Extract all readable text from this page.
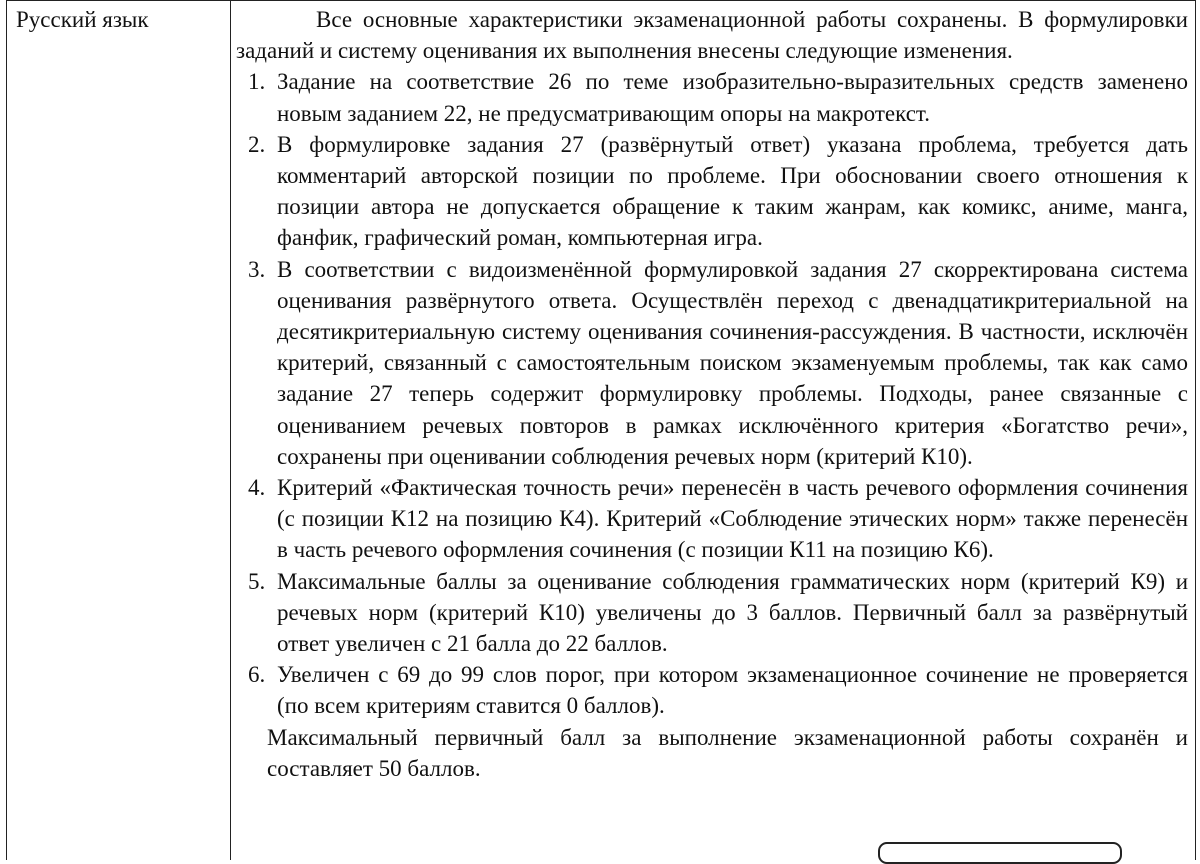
Русский язык	Все основные характеристики экзаменационной работы сохранены. В формулировки заданий и систему оценивания их выполнения внесены следующие изменения.

1. Задание на соответствие 26 по теме изобразительно-выразительных средств заменено новым заданием 22, не предусматривающим опоры на макротекст.
2. В формулировке задания 27 (развёрнутый ответ) указана проблема, требуется дать комментарий авторской позиции по проблеме. При обосновании своего отношения к позиции автора не допускается обращение к таким жанрам, как комикс, аниме, манга, фанфик, графический роман, компьютерная игра.
3. В соответствии с видоизменённой формулировкой задания 27 скорректирована система оценивания развёрнутого ответа. Осуществлён переход с двенадцатикритериальной на десятикритериальную систему оценивания сочинения-рассуждения. В частности, исключён критерий, связанный с самостоятельным поиском экзаменуемым проблемы, так как само задание 27 теперь содержит формулировку проблемы. Подходы, ранее связанные с оцениванием речевых повторов в рамках исключённого критерия «Богатство речи», сохранены при оценивании соблюдения речевых норм (критерий К10).
4. Критерий «Фактическая точность речи» перенесён в часть речевого оформления сочинения (с позиции К12 на позицию К4). Критерий «Соблюдение этических норм» также перенесён в часть речевого оформления сочинения (с позиции К11 на позицию К6).
5. Максимальные баллы за оценивание соблюдения грамматических норм (критерий К9) и речевых норм (критерий К10) увеличены до 3 баллов. Первичный балл за развёрнутый ответ увеличен с 21 балла до 22 баллов.
6. Увеличен с 69 до 99 слов порог, при котором экзаменационное сочинение не проверяется (по всем критериям ставится 0 баллов).

Максимальный первичный балл за выполнение экзаменационной работы сохранён и составляет 50 баллов.
